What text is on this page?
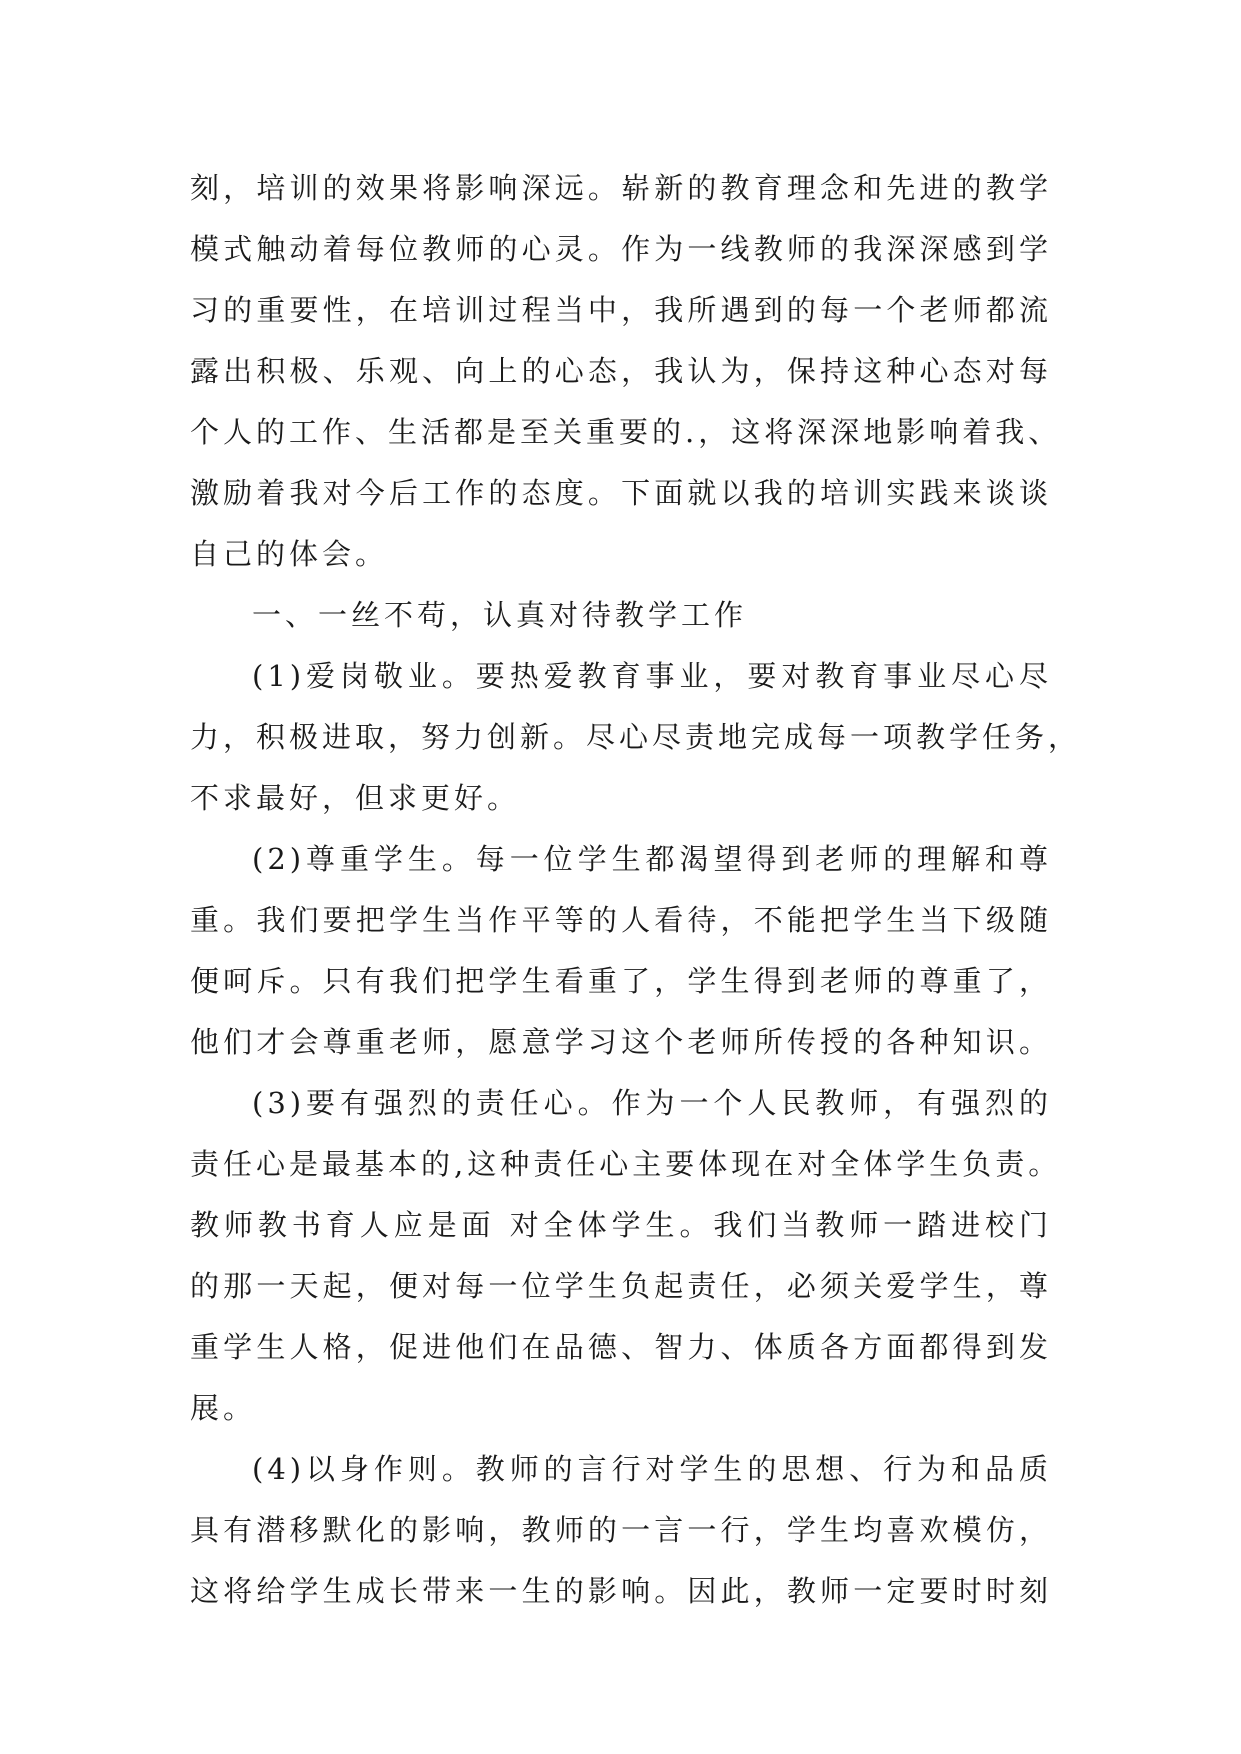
刻，培训的效果将影响深远。崭新的教育理念和先进的教学
模式触动着每位教师的心灵。作为一线教师的我深深感到学
习的重要性，在培训过程当中，我所遇到的每一个老师都流
露出积极、乐观、向上的心态，我认为，保持这种心态对每
个人的工作、生活都是至关重要的.，这将深深地影响着我、
激励着我对今后工作的态度。下面就以我的培训实践来谈谈
自己的体会。
一、一丝不苟，认真对待教学工作
(1)爱岗敬业。要热爱教育事业，要对教育事业尽心尽
力，积极进取，努力创新。尽心尽责地完成每一项教学任务，
不求最好，但求更好。
(2)尊重学生。每一位学生都渴望得到老师的理解和尊
重。我们要把学生当作平等的人看待，不能把学生当下级随
便呵斥。只有我们把学生看重了，学生得到老师的尊重了，
他们才会尊重老师，愿意学习这个老师所传授的各种知识。
(3)要有强烈的责任心。作为一个人民教师，有强烈的
责任心是最基本的,这种责任心主要体现在对全体学生负责。
教师教书育人应是面 对全体学生。我们当教师一踏进校门
的那一天起，便对每一位学生负起责任，必须关爱学生，尊
重学生人格，促进他们在品德、智力、体质各方面都得到发
展。
(4)以身作则。教师的言行对学生的思想、行为和品质
具有潜移默化的影响，教师的一言一行，学生均喜欢模仿，
这将给学生成长带来一生的影响。因此，教师一定要时时刻
